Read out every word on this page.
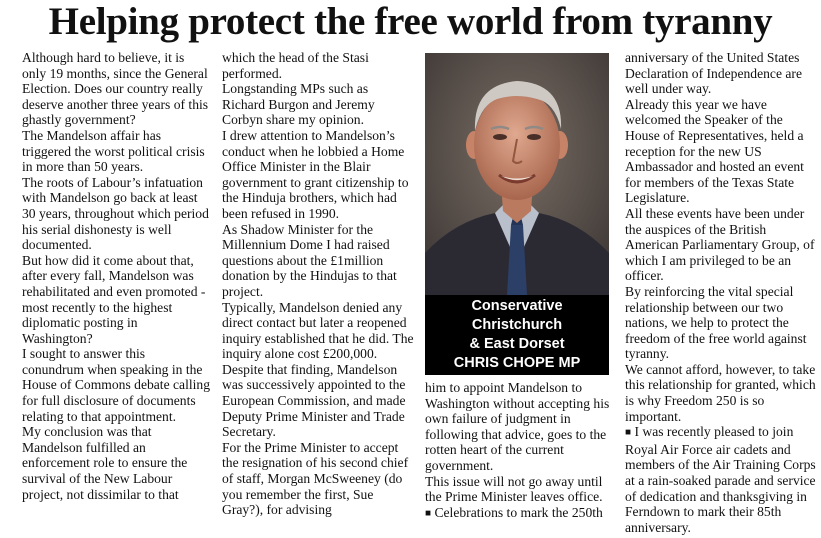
Helping protect the free world from tyranny

Although hard to believe, it is only 19 months, since the General Election. Does our country really deserve another three years of this ghastly government?

The Mandelson affair has triggered the worst political crisis in more than 50 years.

The roots of Labour’s infatuation with Mandelson go back at least 30 years, throughout which period his serial dishonesty is well documented.

But how did it come about that, after every fall, Mandelson was rehabilitated and even promoted - most recently to the highest diplomatic posting in Washington?

I sought to answer this conundrum when speaking in the House of Commons debate calling for full disclosure of documents relating to that appointment.

My conclusion was that Mandelson fulfilled an enforcement role to ensure the survival of the New Labour project, not dissimilar to that

which the head of the Stasi performed.

Longstanding MPs such as Richard Burgon and Jeremy Corbyn share my opinion.

I drew attention to Mandelson’s conduct when he lobbied a Home Office Minister in the Blair government to grant citizenship to the Hinduja brothers, which had been refused in 1990.

As Shadow Minister for the Millennium Dome I had raised questions about the £1million donation by the Hindujas to that project.

Typically, Mandelson denied any direct contact but later a reopened inquiry established that he did. The inquiry alone cost £200,000. Despite that finding, Mandelson was successively appointed to the European Commission, and made Deputy Prime Minister and Trade Secretary.

For the Prime Minister to accept the resignation of his second chief of staff, Morgan McSweeney (do you remember the first, Sue Gray?), for advising

Conservative
Christchurch
& East Dorset
CHRIS CHOPE MP

him to appoint Mandelson to Washington without accepting his own failure of judgment in following that advice, goes to the rotten heart of the current government.

This issue will not go away until the Prime Minister leaves office.

■ Celebrations to mark the 250th

anniversary of the United States Declaration of Independence are well under way.

Already this year we have welcomed the Speaker of the House of Representatives, held a reception for the new US Ambassador and hosted an event for members of the Texas State Legislature.

All these events have been under the auspices of the British American Parliamentary Group, of which I am privileged to be an officer.

By reinforcing the vital special relationship between our two nations, we help to protect the freedom of the free world against tyranny.

We cannot afford, however, to take this relationship for granted, which is why Freedom 250 is so important.

■ I was recently pleased to join Royal Air Force air cadets and members of the Air Training Corps at a rain-soaked parade and service of dedication and thanksgiving in Ferndown to mark their 85th anniversary.
